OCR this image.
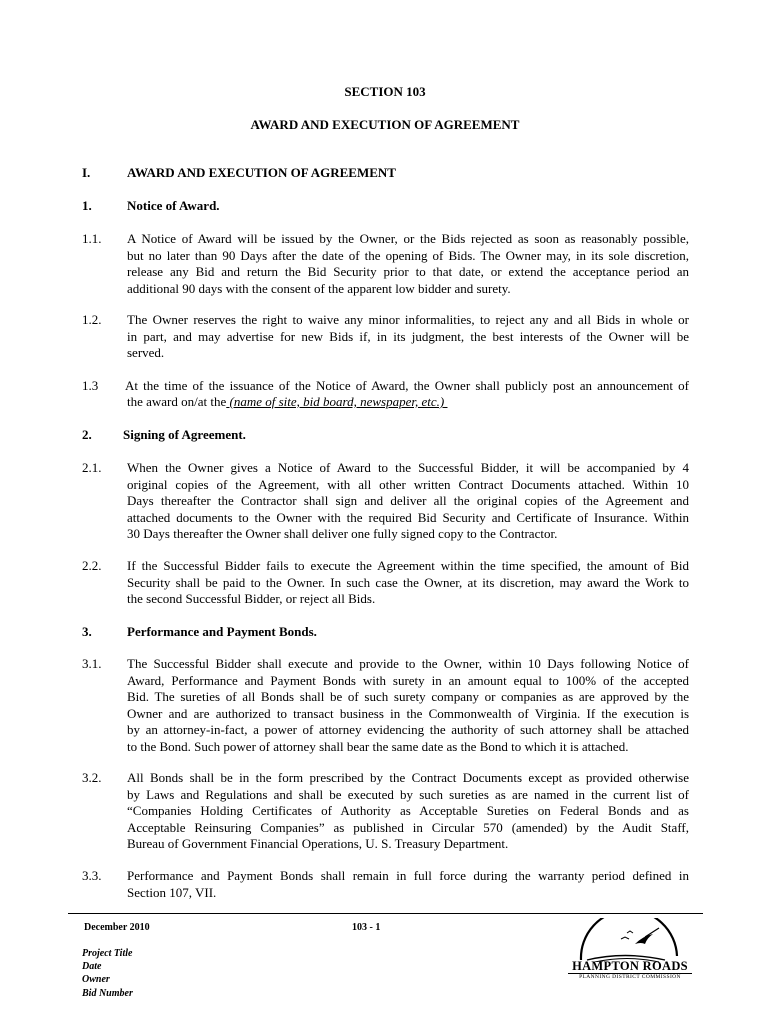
SECTION 103
AWARD AND EXECUTION OF AGREEMENT
I.	AWARD AND EXECUTION OF AGREEMENT
1.	Notice of Award.
1.1. A Notice of Award will be issued by the Owner, or the Bids rejected as soon as reasonably possible,
but no later than 90 Days after the date of the opening of Bids. The Owner may, in its sole discretion,
release any Bid and return the Bid Security prior to that date, or extend the acceptance period an
additional 90 days with the consent of the apparent low bidder and surety.
1.2. The Owner reserves the right to waive any minor informalities, to reject any and all Bids in whole or
in part, and may advertise for new Bids if, in its judgment, the best interests of the Owner will be
served.
1.3 At the time of the issuance of the Notice of Award, the Owner shall publicly post an announcement of
the award on/at the (name of site, bid board, newspaper, etc.)
2. Signing of Agreement.
2.1. When the Owner gives a Notice of Award to the Successful Bidder, it will be accompanied by 4
original copies of the Agreement, with all other written Contract Documents attached. Within 10
Days thereafter the Contractor shall sign and deliver all the original copies of the Agreement and
attached documents to the Owner with the required Bid Security and Certificate of Insurance. Within
30 Days thereafter the Owner shall deliver one fully signed copy to the Contractor.
2.2. If the Successful Bidder fails to execute the Agreement within the time specified, the amount of Bid
Security shall be paid to the Owner. In such case the Owner, at its discretion, may award the Work to
the second Successful Bidder, or reject all Bids.
3.	Performance and Payment Bonds.
3.1. The Successful Bidder shall execute and provide to the Owner, within 10 Days following Notice of
Award, Performance and Payment Bonds with surety in an amount equal to 100% of the accepted
Bid. The sureties of all Bonds shall be of such surety company or companies as are approved by the
Owner and are authorized to transact business in the Commonwealth of Virginia. If the execution is
by an attorney-in-fact, a power of attorney evidencing the authority of such attorney shall be attached
to the Bond. Such power of attorney shall bear the same date as the Bond to which it is attached.
3.2. All Bonds shall be in the form prescribed by the Contract Documents except as provided otherwise
by Laws and Regulations and shall be executed by such sureties as are named in the current list of
“Companies Holding Certificates of Authority as Acceptable Sureties on Federal Bonds and as
Acceptable Reinsuring Companies” as published in Circular 570 (amended) by the Audit Staff,
Bureau of Government Financial Operations, U. S. Treasury Department.
3.3. Performance and Payment Bonds shall remain in full force during the warranty period defined in
Section 107, VII.
December 2010	103 - 1
Project Title
Date
Owner
Bid Number
HAMPTON ROADS
PLANNING DISTRICT COMMISSION
